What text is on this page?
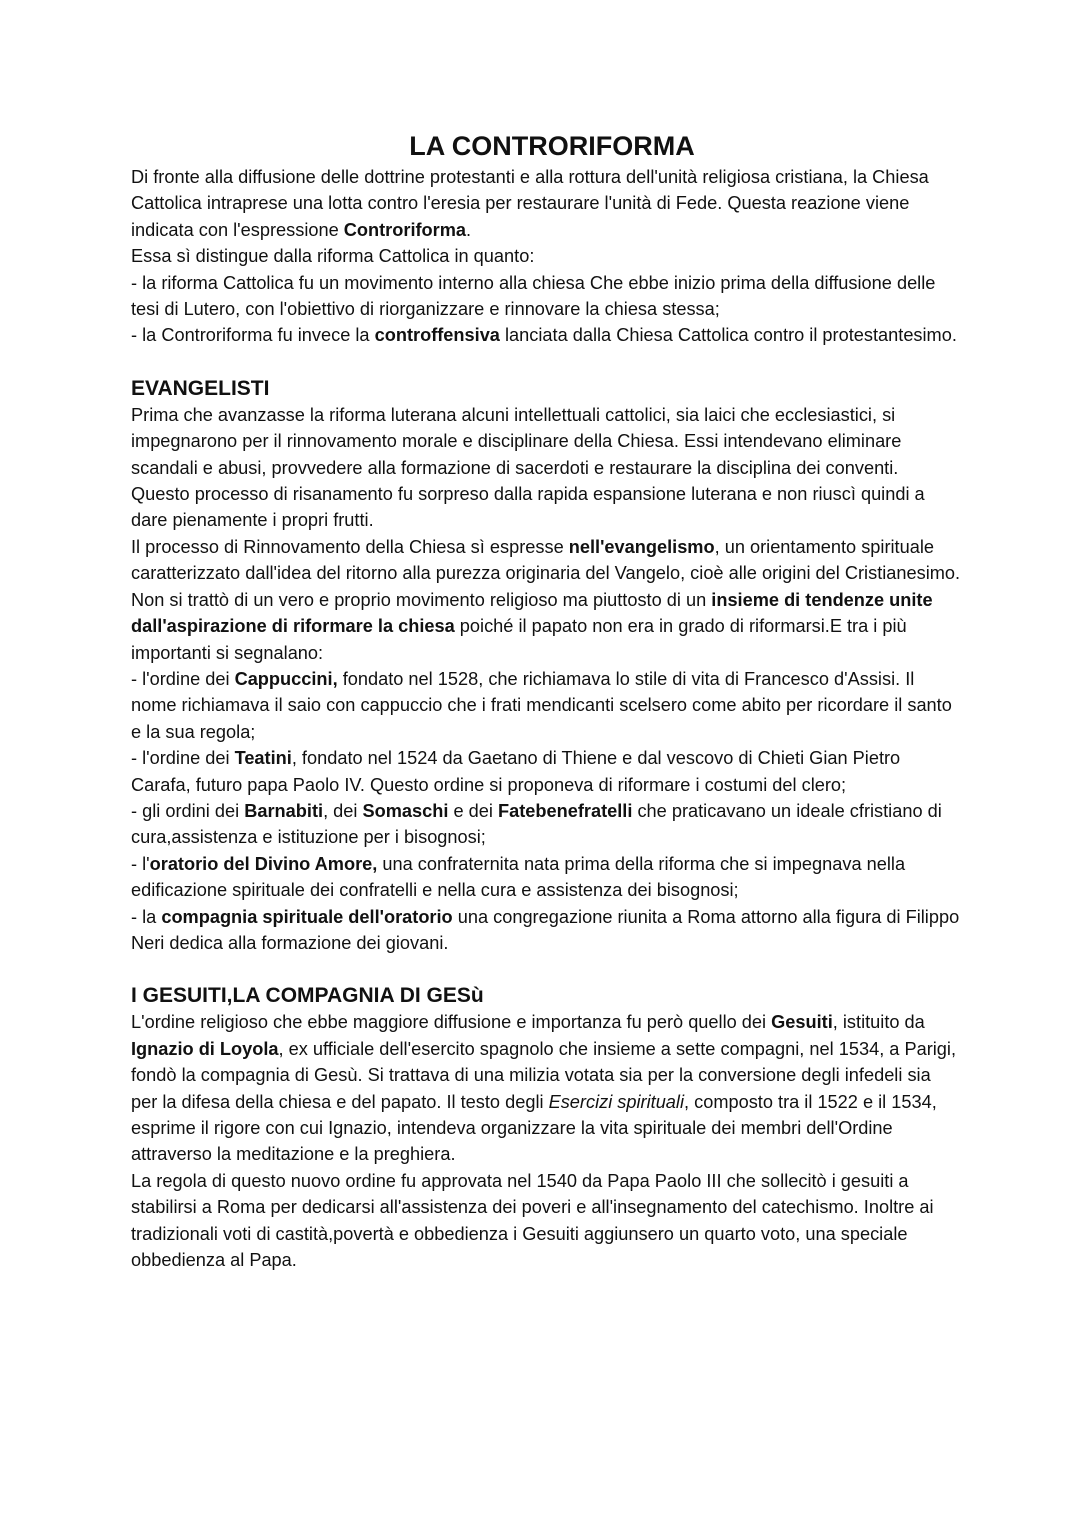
LA CONTRORIFORMA

Di fronte alla diffusione delle dottrine protestanti e alla rottura dell'unità religiosa cristiana, la Chiesa Cattolica intraprese una lotta contro l'eresia per restaurare l'unità di Fede. Questa reazione viene indicata con l'espressione Controriforma.

Essa sì distingue dalla riforma Cattolica in quanto:

- la riforma Cattolica fu un movimento interno alla chiesa Che ebbe inizio prima della diffusione delle tesi di Lutero, con l'obiettivo di riorganizzare e rinnovare la chiesa stessa;

- la Controriforma fu invece la controffensiva lanciata dalla Chiesa Cattolica contro il protestantesimo.

EVANGELISTI

Prima che avanzasse la riforma luterana alcuni intellettuali cattolici, sia laici che ecclesiastici, si impegnarono per il rinnovamento morale e disciplinare della Chiesa. Essi intendevano eliminare scandali e abusi, provvedere alla formazione di sacerdoti e restaurare la disciplina dei conventi. Questo processo di risanamento fu sorpreso dalla rapida espansione luterana e non riuscì quindi a dare pienamente i propri frutti.

Il processo di Rinnovamento della Chiesa sì espresse nell'evangelismo, un orientamento spirituale caratterizzato dall'idea del ritorno alla purezza originaria del Vangelo, cioè alle origini del Cristianesimo. Non si trattò di un vero e proprio movimento religioso ma piuttosto di un insieme di tendenze unite dall'aspirazione di riformare la chiesa poiché il papato non era in grado di riformarsi.E tra i più importanti si segnalano:

- l'ordine dei Cappuccini, fondato nel 1528, che richiamava lo stile di vita di Francesco d'Assisi. Il nome richiamava il saio con cappuccio che i frati mendicanti scelsero come abito per ricordare il santo e la sua regola;

- l'ordine dei Teatini, fondato nel 1524 da Gaetano di Thiene e dal vescovo di Chieti Gian Pietro Carafa, futuro papa Paolo IV. Questo ordine si proponeva di riformare i costumi del clero;

- gli ordini dei Barnabiti, dei Somaschi e dei Fatebenefratelli che praticavano un ideale cfristiano di cura,assistenza e istituzione per i bisognosi;

- l'oratorio del Divino Amore, una confraternita nata prima della riforma che si impegnava nella edificazione spirituale dei confratelli e nella cura e assistenza dei bisognosi;

- la compagnia spirituale dell'oratorio una congregazione riunita a Roma attorno alla figura di Filippo Neri dedica alla formazione dei giovani.

I GESUITI,LA COMPAGNIA DI GESù

L'ordine religioso che ebbe maggiore diffusione e importanza fu però quello dei Gesuiti, istituito da Ignazio di Loyola, ex ufficiale dell'esercito spagnolo che insieme a sette compagni, nel 1534, a Parigi, fondò la compagnia di Gesù. Si trattava di una milizia votata sia per la conversione degli infedeli sia per la difesa della chiesa e del papato. Il testo degli Esercizi spirituali, composto tra il 1522 e il 1534, esprime il rigore con cui Ignazio, intendeva organizzare la vita spirituale dei membri dell'Ordine attraverso la meditazione e la preghiera.

La regola di questo nuovo ordine fu approvata nel 1540 da Papa Paolo III che sollecitò i gesuiti a stabilirsi a Roma per dedicarsi all'assistenza dei poveri e all'insegnamento del catechismo. Inoltre ai tradizionali voti di castità,povertà e obbedienza i Gesuiti aggiunsero un quarto voto, una speciale obbedienza al Papa.
